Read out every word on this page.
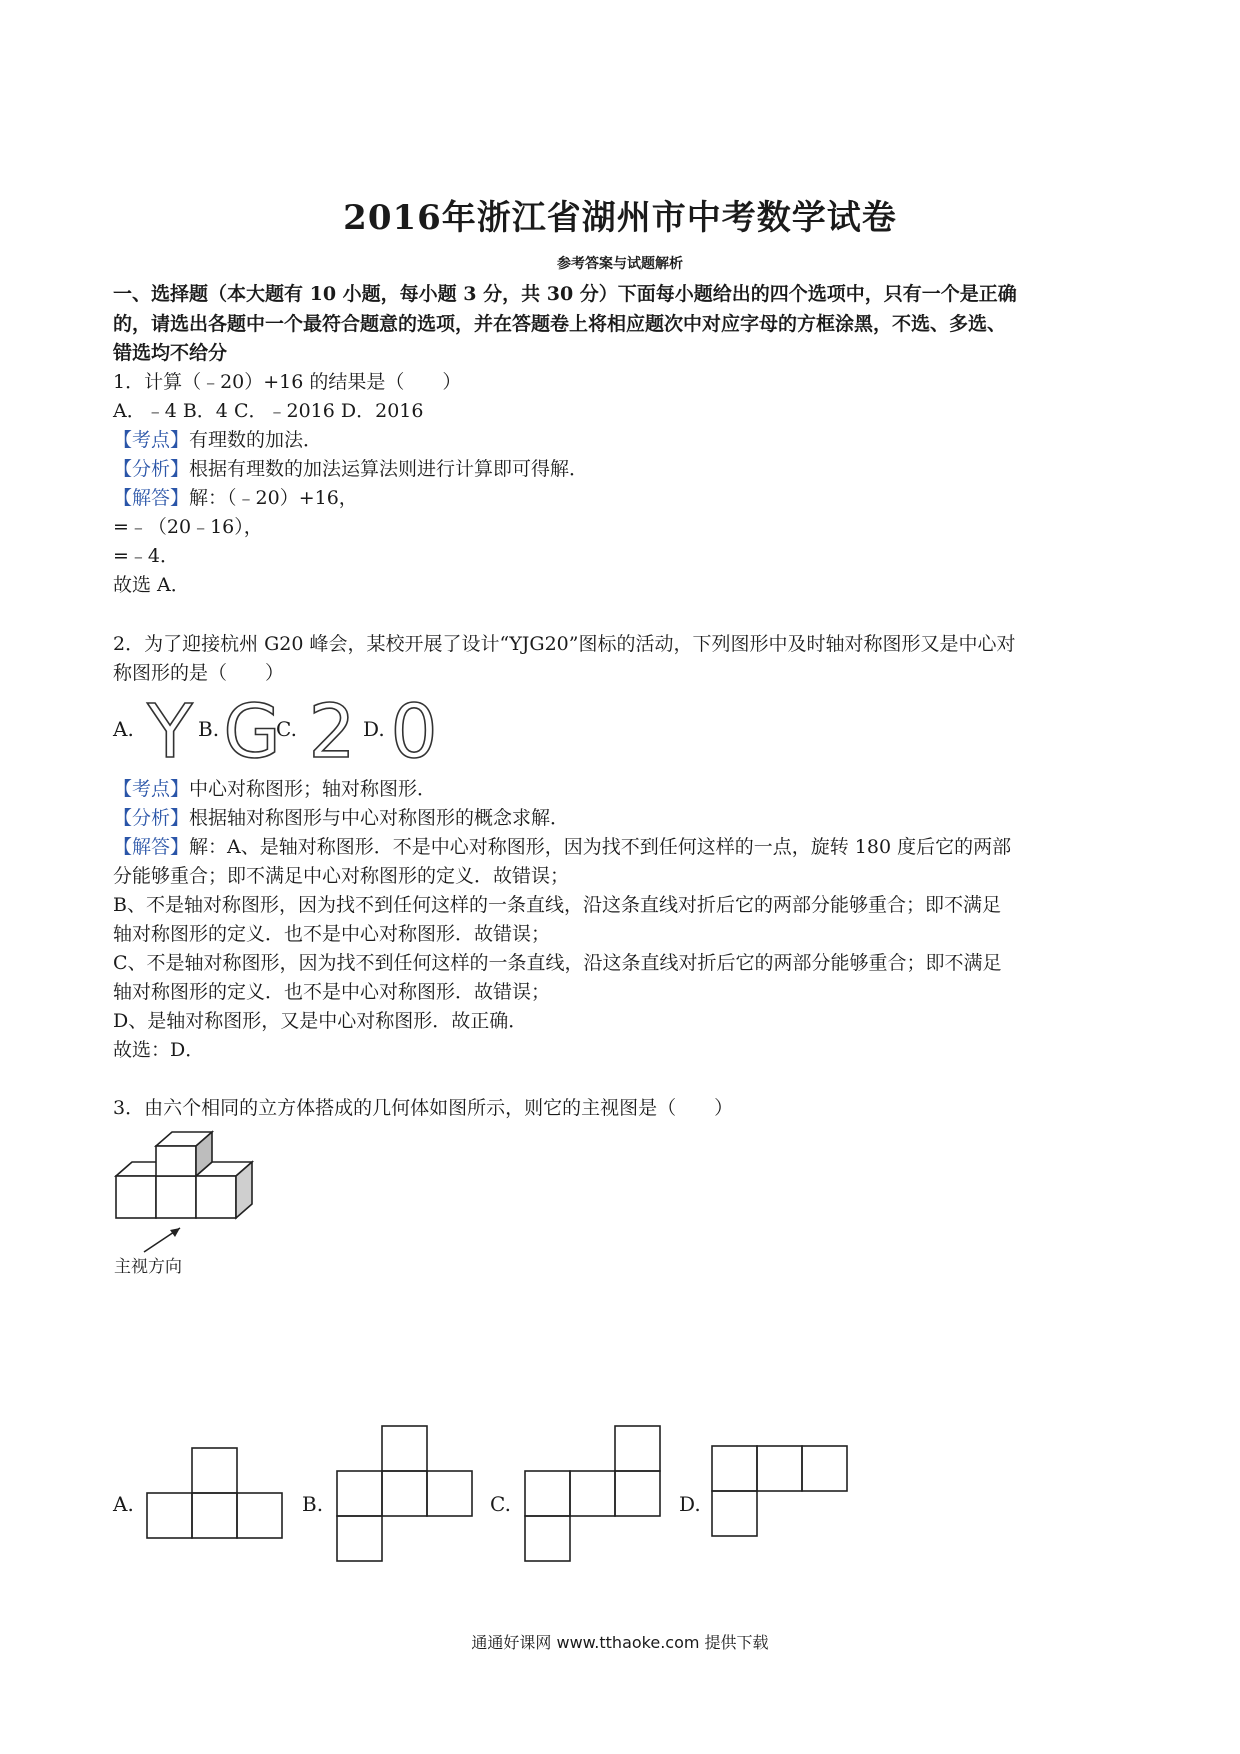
2016年浙江省湖州市中考数学试卷
参考答案与试题解析
一、选择题（本大题有 10 小题，每小题 3 分，共 30 分）下面每小题给出的四个选项中，只有一个是正确
的，请选出各题中一个最符合题意的选项，并在答题卷上将相应题次中对应字母的方框涂黑，不选、多选、
错选均不给分
1．计算（﹣20）+16 的结果是（　　）
A．﹣4 B．4 C．﹣2016 D．2016
【考点】有理数的加法．
【分析】根据有理数的加法运算法则进行计算即可得解．
【解答】解：（﹣20）+16，
=﹣（20﹣16），
=﹣4．
故选 A．
2．为了迎接杭州 G20 峰会，某校开展了设计“YJG20”图标的活动，下列图形中及时轴对称图形又是中心对
称图形的是（　　）
A.	B.	C.	D.
Y G 2 0
【考点】中心对称图形；轴对称图形．
【分析】根据轴对称图形与中心对称图形的概念求解．
【解答】解：A、是轴对称图形．不是中心对称图形，因为找不到任何这样的一点，旋转 180 度后它的两部
分能够重合；即不满足中心对称图形的定义．故错误；
B、不是轴对称图形，因为找不到任何这样的一条直线，沿这条直线对折后它的两部分能够重合；即不满足
轴对称图形的定义．也不是中心对称图形．故错误；
C、不是轴对称图形，因为找不到任何这样的一条直线，沿这条直线对折后它的两部分能够重合；即不满足
轴对称图形的定义．也不是中心对称图形．故错误；
D、是轴对称图形，又是中心对称图形．故正确．
故选：D．
3．由六个相同的立方体搭成的几何体如图所示，则它的主视图是（　　）
主视方向
A.	B.	C.	D.
通通好课网 www.tthaoke.com 提供下载
